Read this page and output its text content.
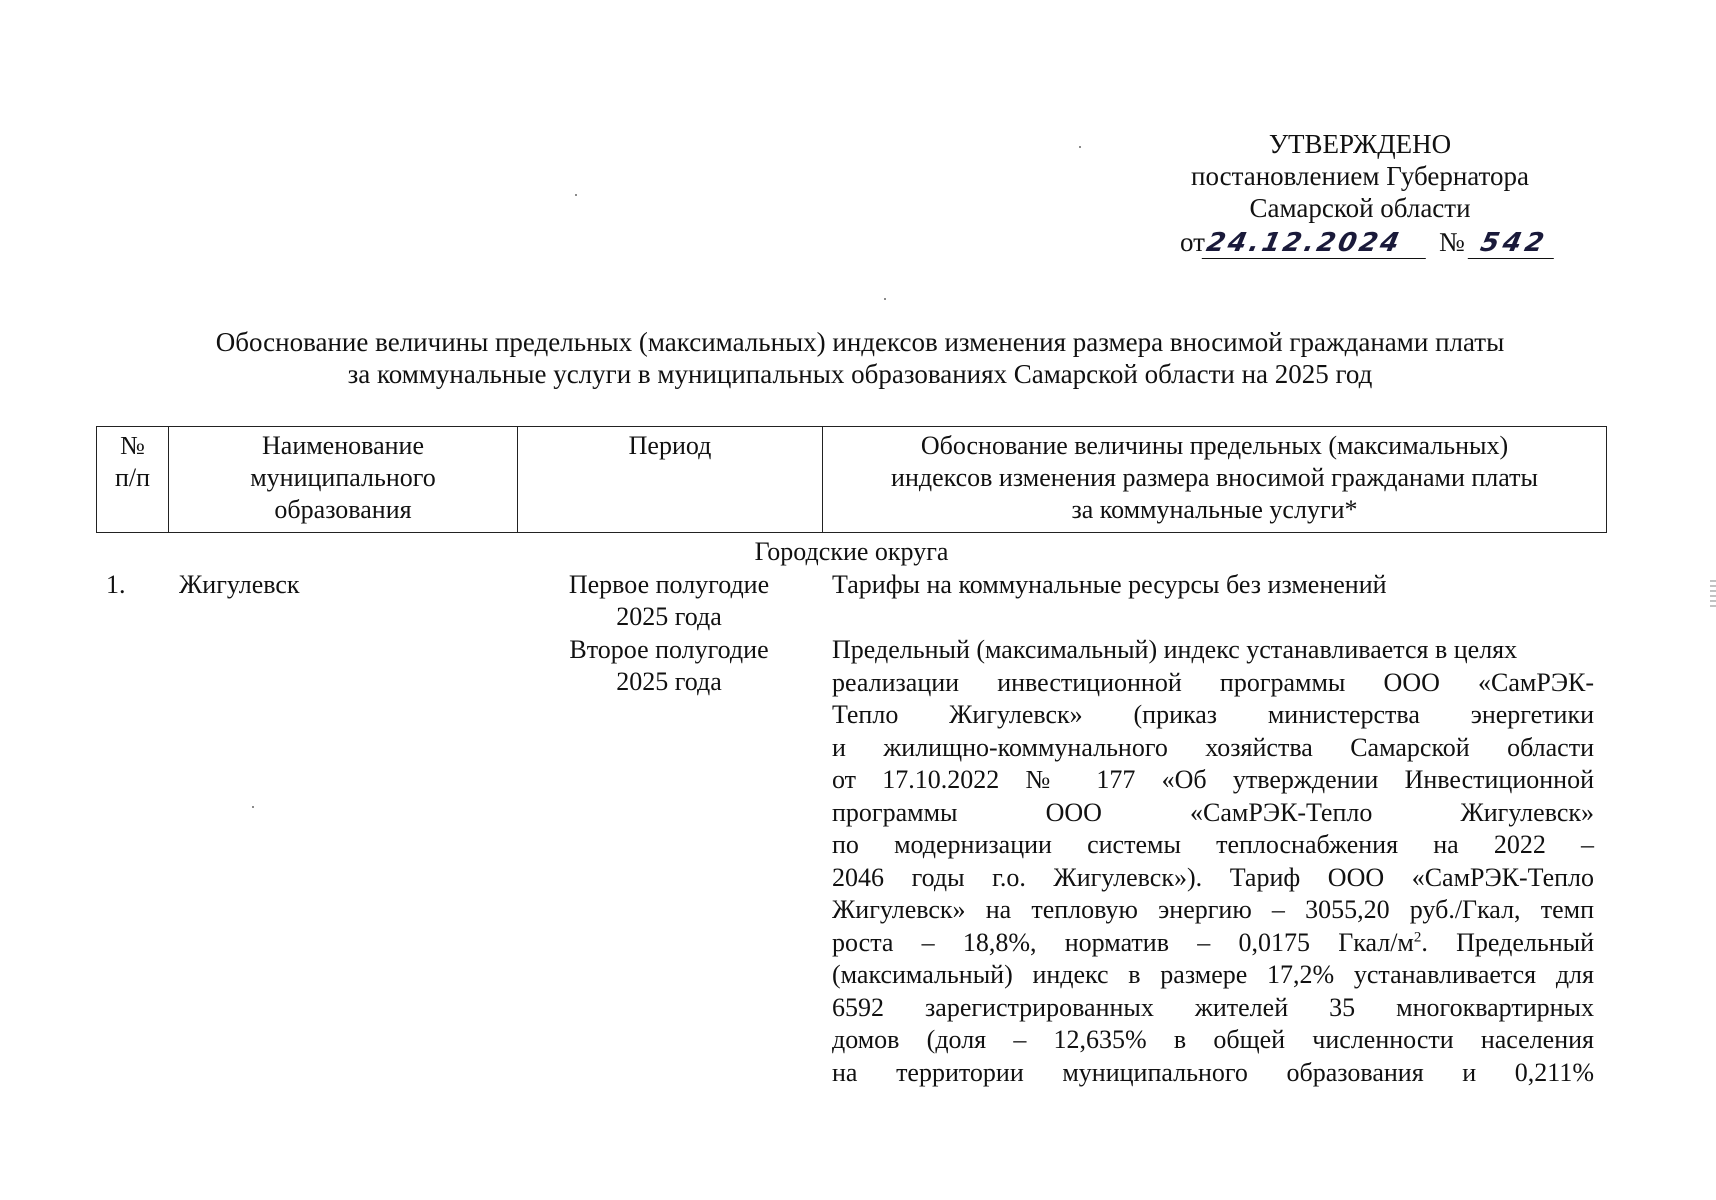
УТВЕРЖДЕНО
постановлением Губернатора
Самарской области
от24.12.2024 № 542
Обоснование величины предельных (максимальных) индексов изменения размера вносимой гражданами платы
за коммунальные услуги в муниципальных образованиях Самарской области на 2025 год
№
п/п
Наименование
муниципального
образования
Период	Обоснование величины предельных (максимальных)
индексов изменения размера вносимой гражданами платы
за коммунальные услуги*
Городские округа
1. Жигулевск	Первое полугодие
2025 года
Второе полугодие
2025 года
Тарифы на коммунальные ресурсы без изменений
Предельный (максимальный) индекс устанавливается в целях
реализации инвестиционной программы ООО «СамРЭК-
Тепло Жигулевск» (приказ министерства энергетики
и жилищно-коммунального хозяйства Самарской области
от 17.10.2022 № 177 «Об утверждении Инвестиционной
программы ООО «СамРЭК-Тепло Жигулевск»
по модернизации системы теплоснабжения на 2022 –
2046 годы г.о. Жигулевск»). Тариф ООО «СамРЭК-Тепло
Жигулевск» на тепловую энергию – 3055,20 руб./Гкал, темп
роста – 18,8%, норматив – 0,0175 Гкал/$м^2$. Предельный
(максимальный) индекс в размере 17,2% устанавливается для
6592 зарегистрированных жителей 35 многоквартирных
домов (доля – 12,635% в общей численности населения
на территории муниципального образования и 0,211%
